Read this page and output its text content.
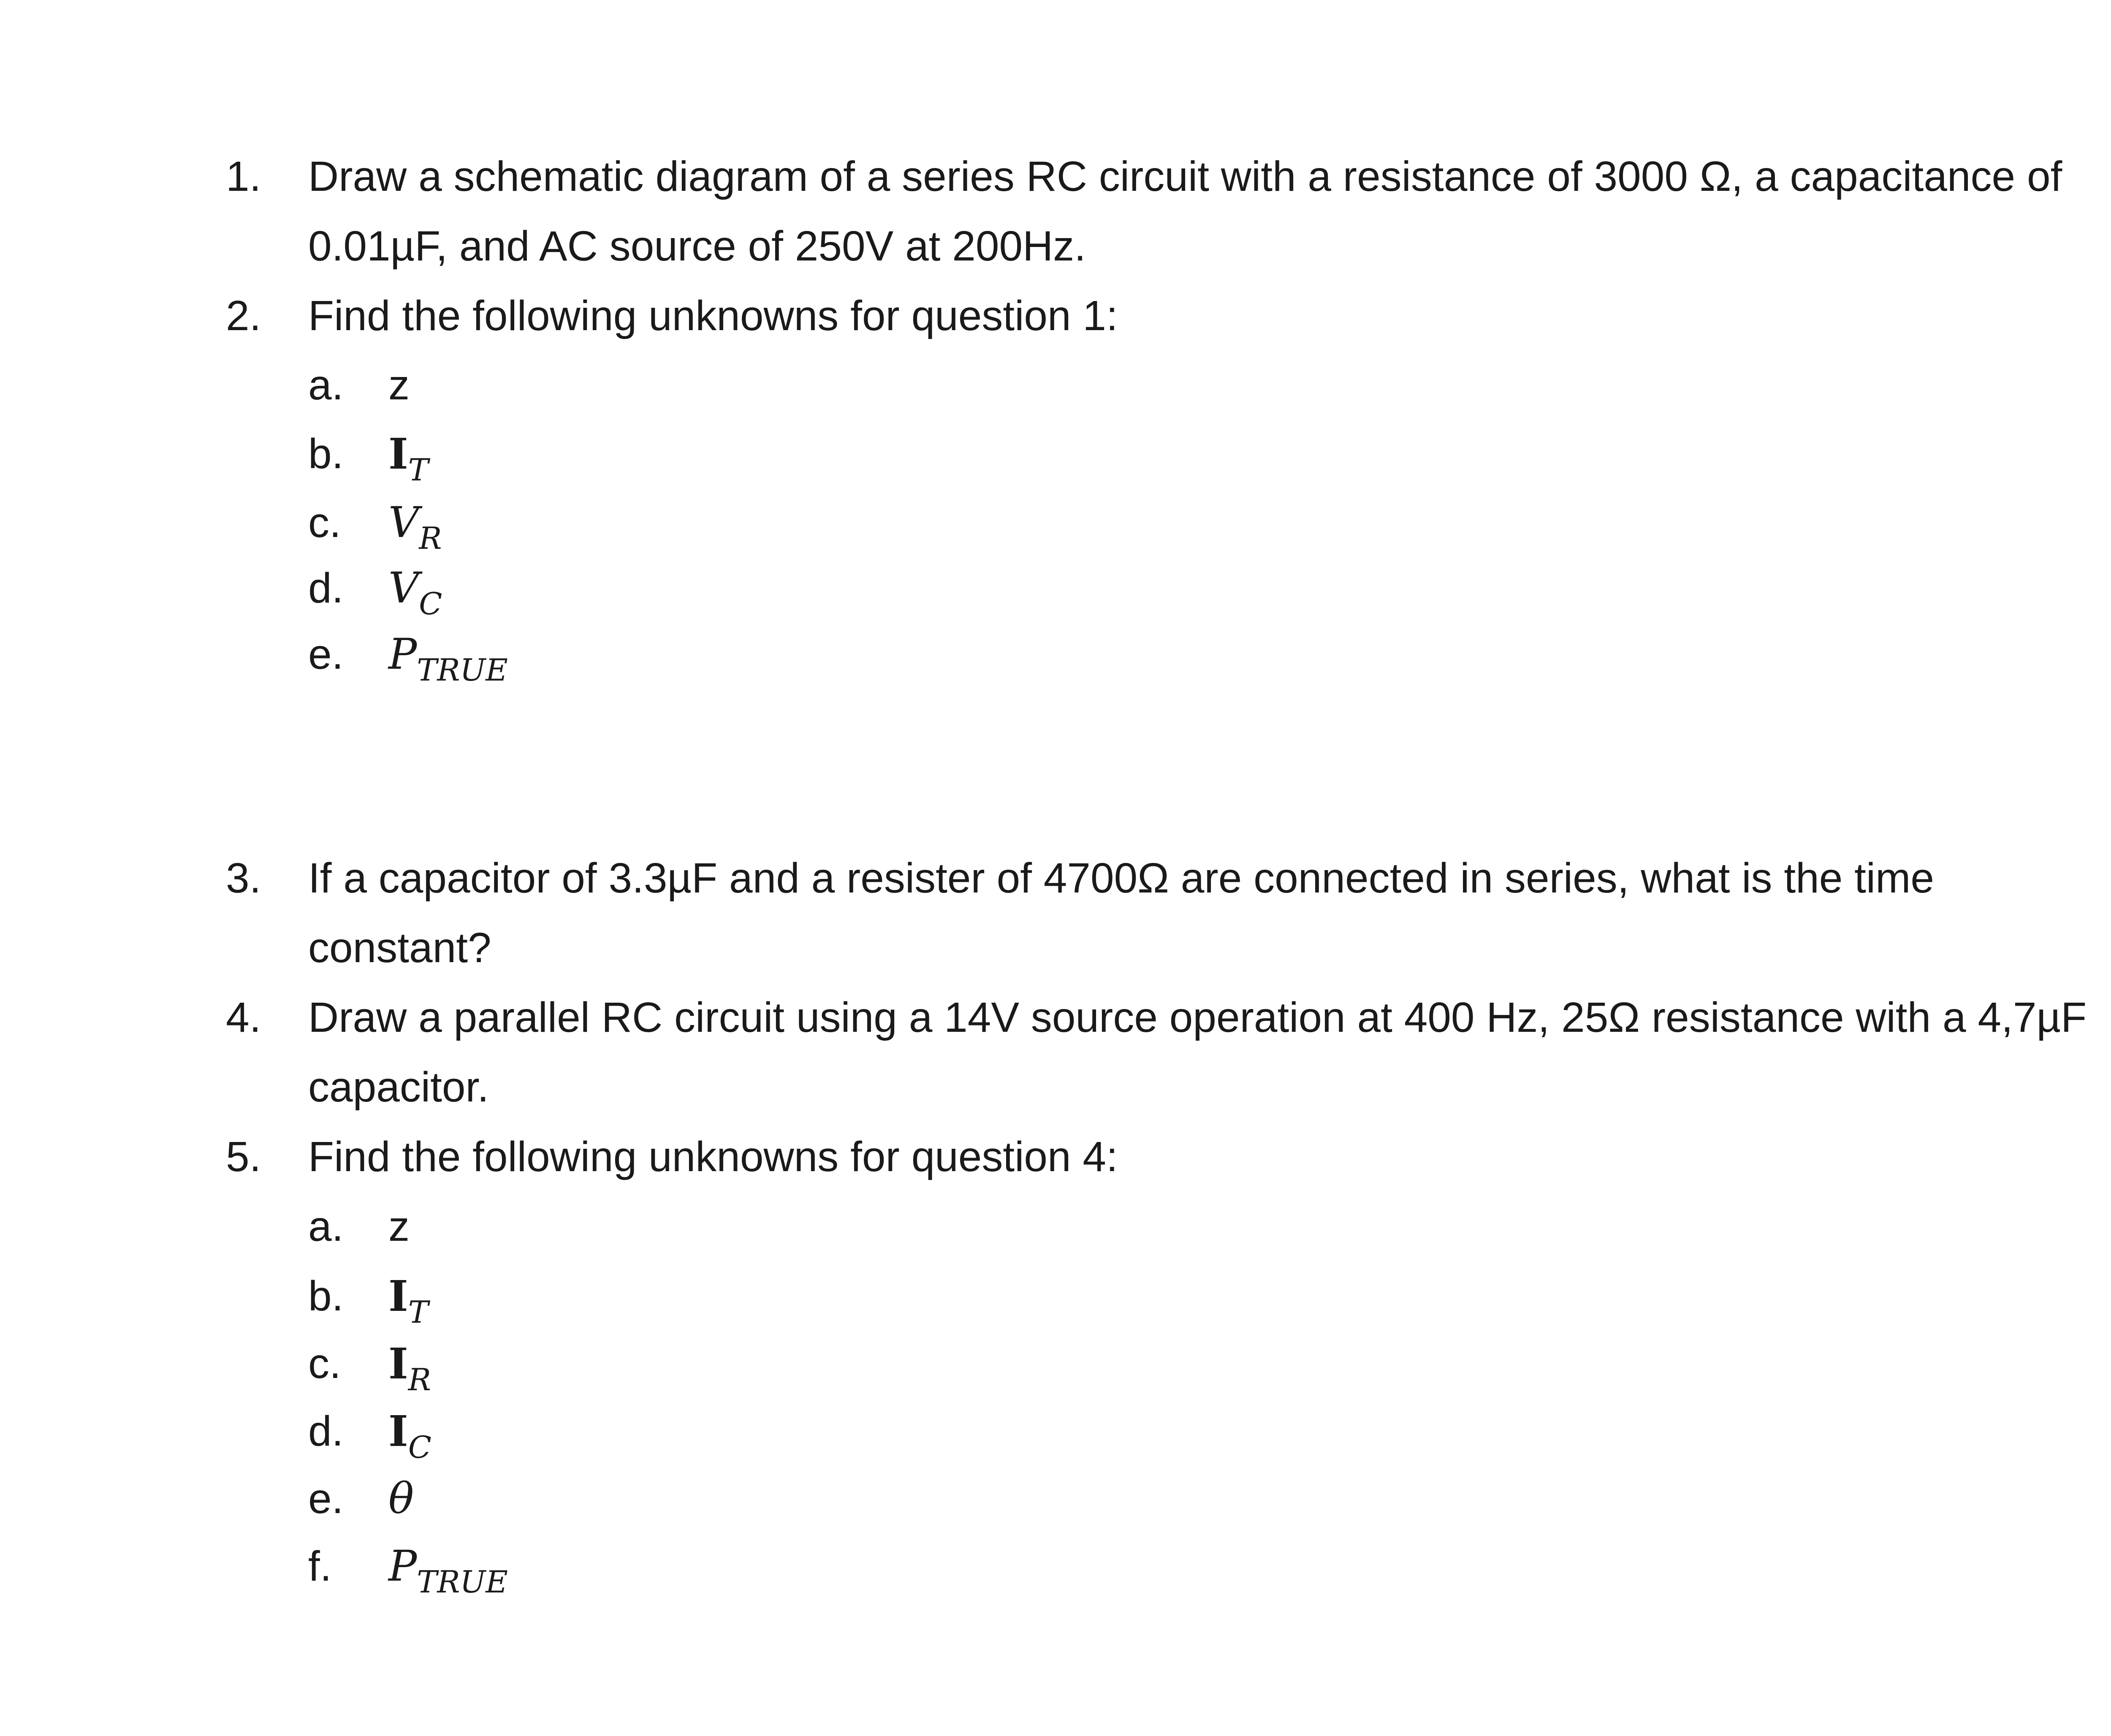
1. Draw a schematic diagram of a series RC circuit with a resistance of 3000 Ω, a capacitance of
0.01µF, and AC source of 250V at 200Hz.
2. Find the following unknowns for question 1:
a. z
b. $I_T$
c. $V_R$
d. $V_C$
e. $P_{TRUE}$
3. If a capacitor of 3.3µF and a resister of 4700Ω are connected in series, what is the time
constant?
4. Draw a parallel RC circuit using a 14V source operation at 400 Hz, 25Ω resistance with a 4,7µF
capacitor.
5. Find the following unknowns for question 4:
a. z
b. $I_T$
c. $I_R$
d. $I_C$
e. θ
f. $P_{TRUE}$
